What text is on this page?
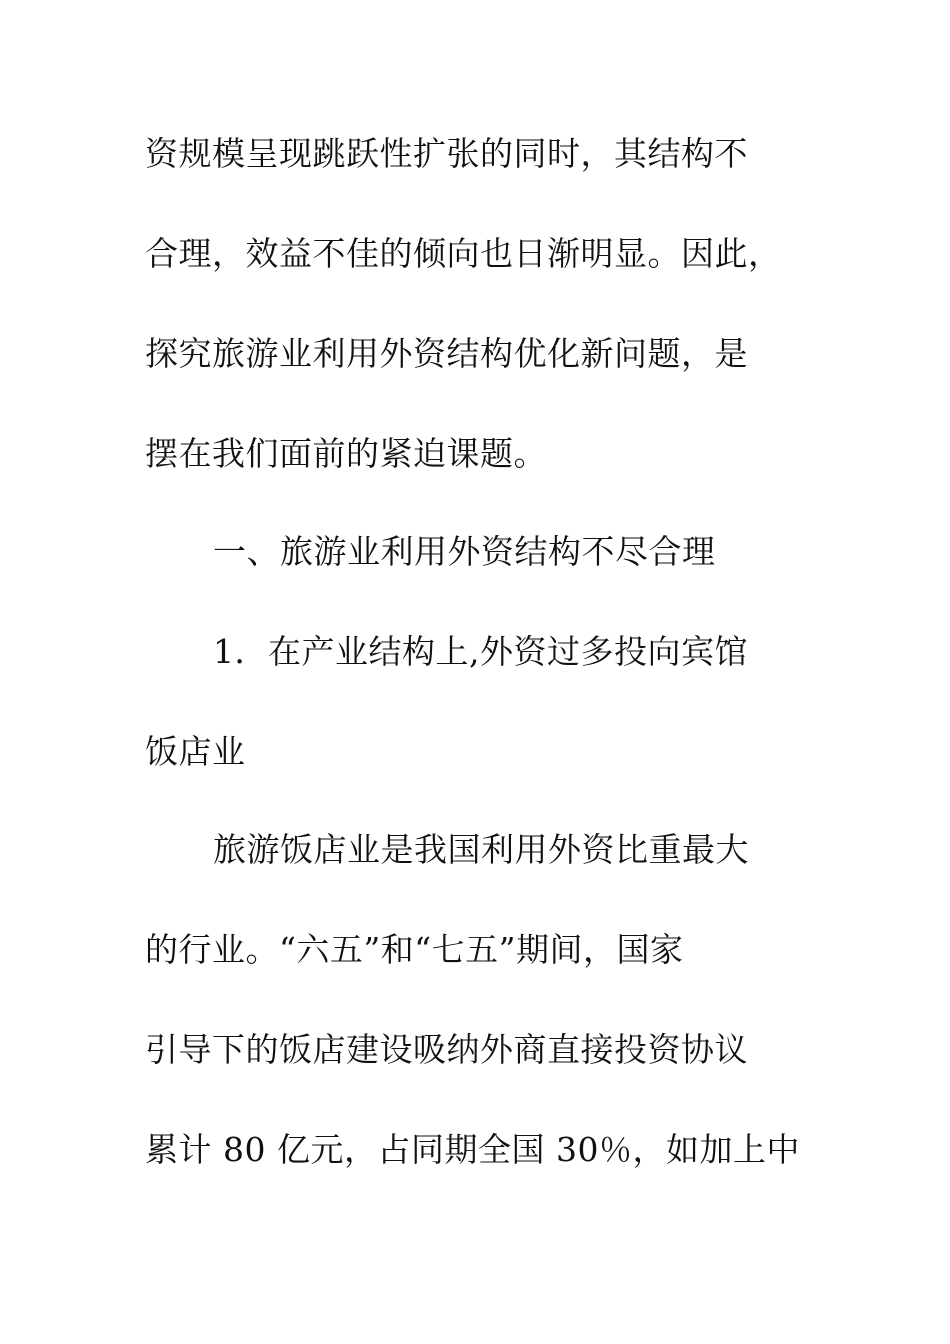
资规模呈现跳跃性扩张的同时，其结构不

合理，效益不佳的倾向也日渐明显。因此，

探究旅游业利用外资结构优化新问题，是

摆在我们面前的紧迫课题。

一、旅游业利用外资结构不尽合理

1．在产业结构上,外资过多投向宾馆

饭店业

旅游饭店业是我国利用外资比重最大

的行业。“六五”和“七五”期间，国家

引导下的饭店建设吸纳外商直接投资协议

累计 80 亿元，占同期全国 30％，如加上中
